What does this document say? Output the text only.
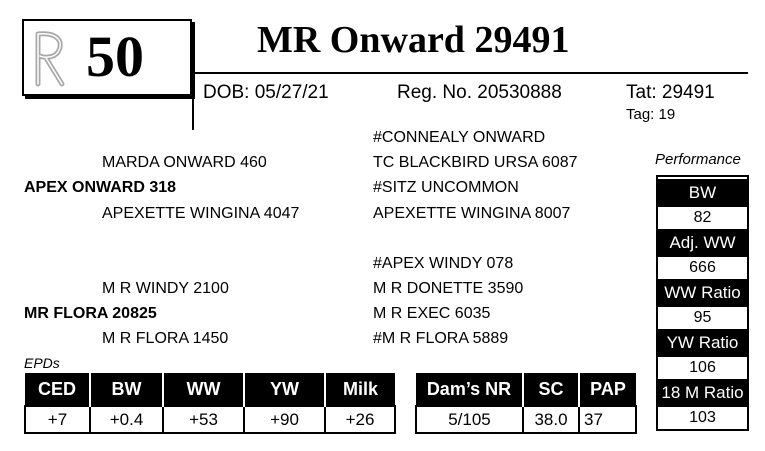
50	MR Onward 29491
DOB: 05/27/21	Reg. No. 20530888	Tat: 29491
Tag: 19
#CONNEALY ONWARD
MARDA ONWARD 460	TC BLACKBIRD URSA 6087
APEX ONWARD 318	#SITZ UNCOMMON
APEXETTE WINGINA 4047	APEXETTE WINGINA 8007
#APEX WINDY 078
M R WINDY 2100	M R DONETTE 3590
MR FLORA 20825	M R EXEC 6035
M R FLORA 1450	#M R FLORA 5889
Performance
BW
82
Adj. WW
666
WW Ratio
95
YW Ratio
106
18 M Ratio
103
EPDs
CED	BW	WW	YW	Milk
+7	+0.4	+53	+90	+26
Dam’s NR	SC	PAP
5/105	38.0	37
